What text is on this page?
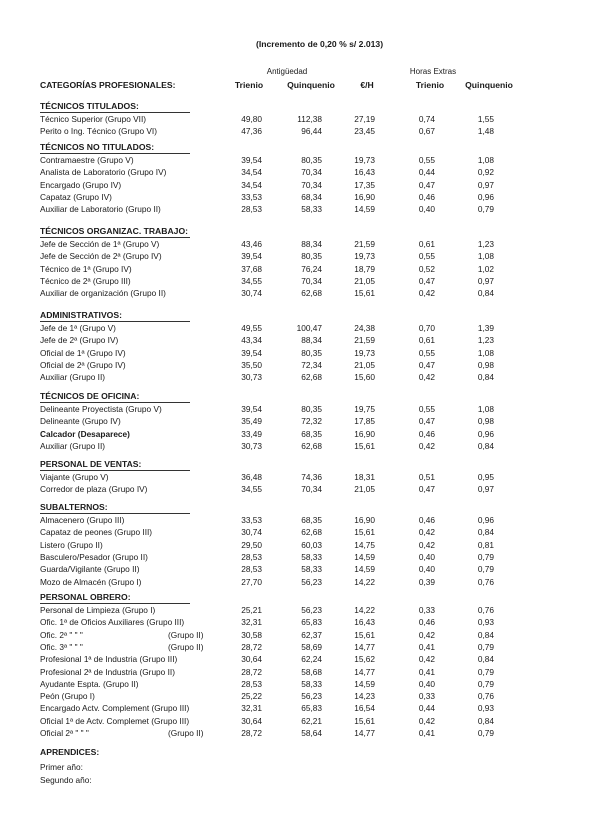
(Incremento de 0,20 % s/ 2.013)
Antigüedad	Horas Extras
CATEGORÍAS PROFESIONALES:	Trienio	Quinquenio	€/H	Trienio	Quinquenio
TÉCNICOS TITULADOS:
Técnico Superior (Grupo VII)	49,80	112,38	27,19	0,74	1,55
Perito o Ing. Técnico (Grupo VI)	47,36	96,44	23,45	0,67	1,48
TÉCNICOS NO TITULADOS:
Contramaestre (Grupo V)	39,54	80,35	19,73	0,55	1,08
Analista de Laboratorio (Grupo IV)	34,54	70,34	16,43	0,44	0,92
Encargado (Grupo IV)	34,54	70,34	17,35	0,47	0,97
Capataz (Grupo IV)	33,53	68,34	16,90	0,46	0,96
Auxiliar de Laboratorio (Grupo II)	28,53	58,33	14,59	0,40	0,79
TÉCNICOS ORGANIZAC. TRABAJO:
Jefe de Sección de 1ª (Grupo V)	43,46	88,34	21,59	0,61	1,23
Jefe de Sección de 2ª (Grupo IV)	39,54	80,35	19,73	0,55	1,08
Técnico de 1ª (Grupo IV)	37,68	76,24	18,79	0,52	1,02
Técnico de 2ª (Grupo III)	34,55	70,34	21,05	0,47	0,97
Auxiliar de organización (Grupo II)	30,74	62,68	15,61	0,42	0,84
ADMINISTRATIVOS:
Jefe de 1ª (Grupo V)	49,55	100,47	24,38	0,70	1,39
Jefe de 2ª (Grupo IV)	43,34	88,34	21,59	0,61	1,23
Oficial de 1ª (Grupo IV)	39,54	80,35	19,73	0,55	1,08
Oficial de 2ª (Grupo IV)	35,50	72,34	21,05	0,47	0,98
Auxiliar (Grupo II)	30,73	62,68	15,60	0,42	0,84
TÉCNICOS DE OFICINA:
Delineante Proyectista (Grupo V)	39,54	80,35	19,75	0,55	1,08
Delineante (Grupo IV)	35,49	72,32	17,85	0,47	0,98
Calcador (Desaparece)	33,49	68,35	16,90	0,46	0,96
Auxiliar (Grupo II)	30,73	62,68	15,61	0,42	0,84
PERSONAL DE VENTAS:
Viajante (Grupo V)	36,48	74,36	18,31	0,51	0,95
Corredor de plaza (Grupo IV)	34,55	70,34	21,05	0,47	0,97
SUBALTERNOS:
Almacenero (Grupo III)	33,53	68,35	16,90	0,46	0,96
Capataz de peones (Grupo III)	30,74	62,68	15,61	0,42	0,84
Listero (Grupo II)	29,50	60,03	14,75	0,42	0,81
Basculero/Pesador (Grupo II)	28,53	58,33	14,59	0,40	0,79
Guarda/Vigilante (Grupo II)	28,53	58,33	14,59	0,40	0,79
Mozo de Almacén (Grupo I)	27,70	56,23	14,22	0,39	0,76
PERSONAL OBRERO:
Personal de Limpieza (Grupo I)	25,21	56,23	14,22	0,33	0,76
Ofic. 1ª de Oficios Auxiliares (Grupo III)	32,31	65,83	16,43	0,46	0,93
Ofic. 2ª " " "	(Grupo II)	30,58	62,37	15,61	0,42	0,84
Ofic. 3ª " " "	(Grupo II)	28,72	58,69	14,77	0,41	0,79
Profesional 1ª de Industria (Grupo III)	30,64	62,24	15,62	0,42	0,84
Profesional 2ª de Industria (Grupo II)	28,72	58,68	14,77	0,41	0,79
Ayudante Espta. (Grupo II)	28,53	58,33	14,59	0,40	0,79
Peón (Grupo I)	25,22	56,23	14,23	0,33	0,76
Encargado Actv. Complement (Grupo III)	32,31	65,83	16,54	0,44	0,93
Oficial 1ª de Actv. Complemet (Grupo III)	30,64	62,21	15,61	0,42	0,84
Oficial 2ª " " "	(Grupo II)	28,72	58,64	14,77	0,41	0,79
APRENDICES:
Primer año:
Segundo año:
